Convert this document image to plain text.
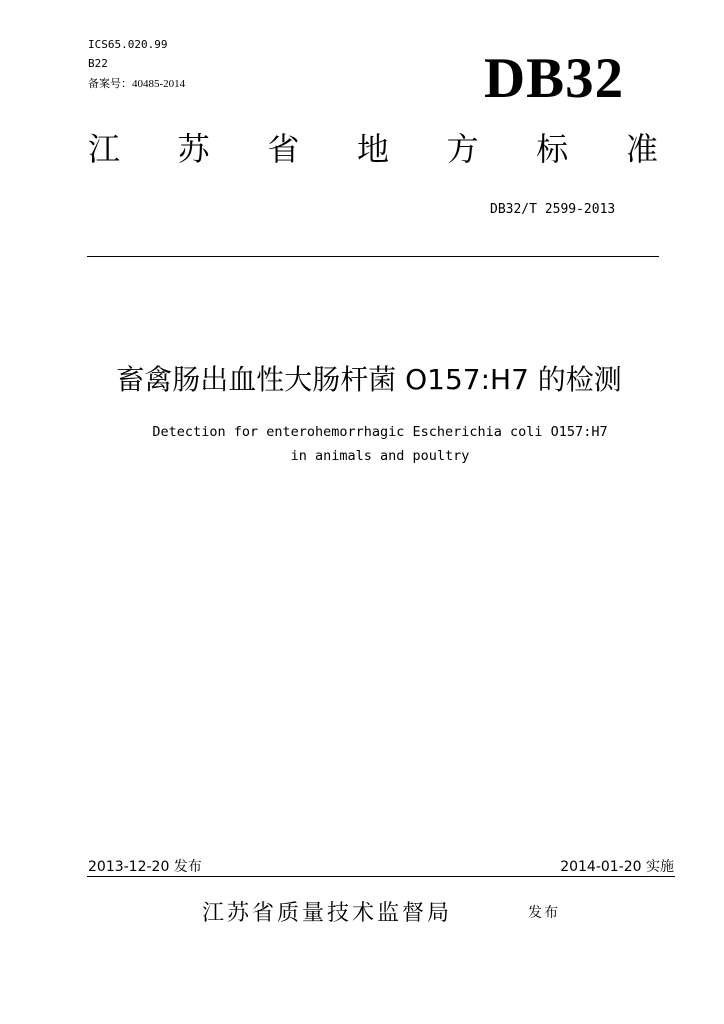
ICS65.020.99
B22
备案号：40485-2014	DB32
江 苏 省 地 方 标 准
DB32/T 2599-2013
畜禽肠出血性大肠杆菌 O157:H7 的检测
Detection for enterohemorrhagic Escherichia coli O157:H7
in animals and poultry
2013-12-20 发布	2014-01-20 实施
江苏省质量技术监督局	发布
